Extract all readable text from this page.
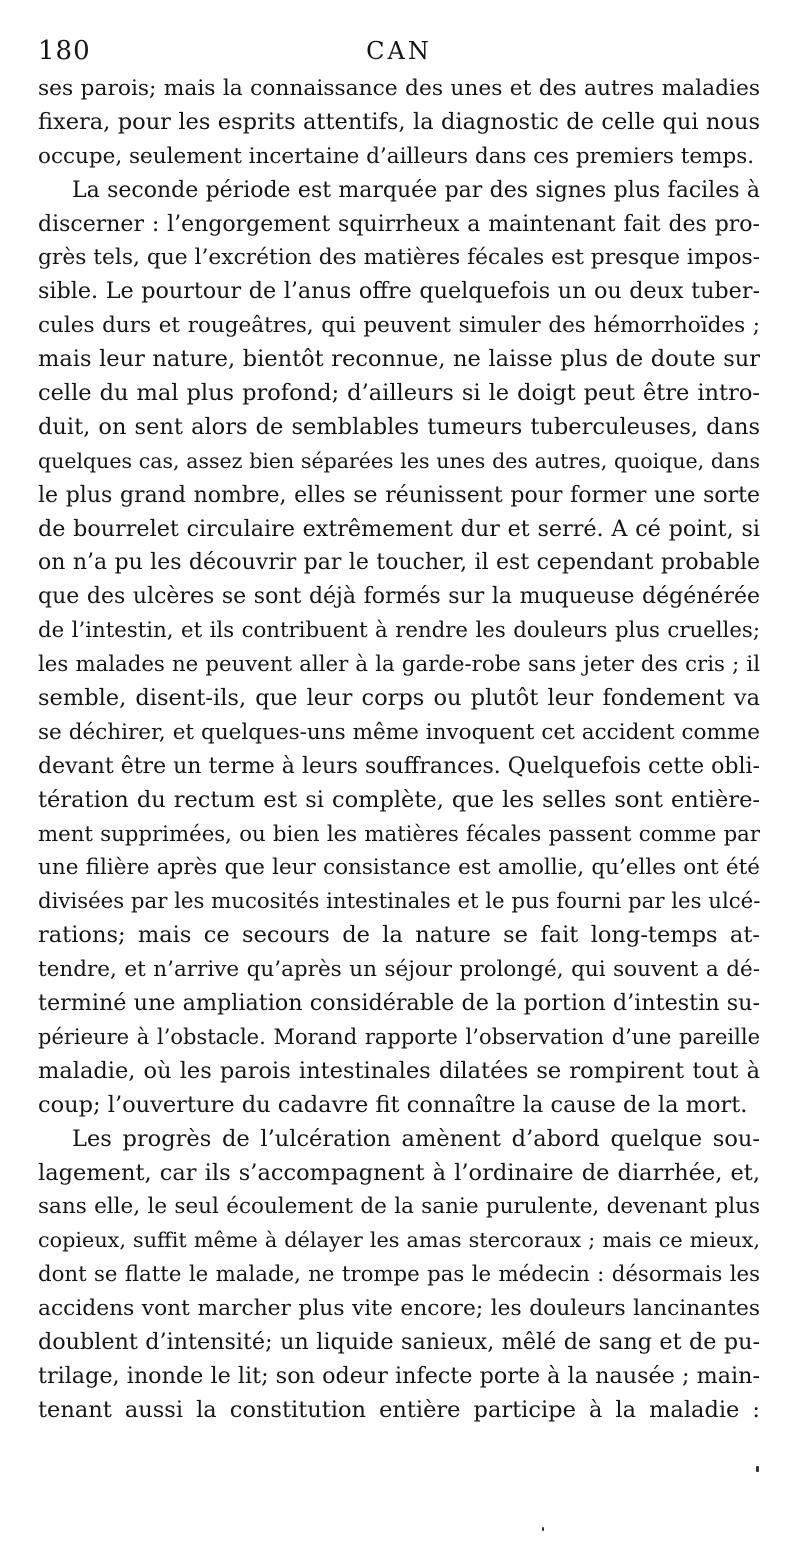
180	CAN
ses parois; mais la connaissance des unes et des autres maladies
fixera, pour les esprits attentifs, la diagnostic de celle qui nous
occupe, seulement incertaine d’ailleurs dans ces premiers temps.
La seconde période est marquée par des signes plus faciles à
discerner : l’engorgement squirrheux a maintenant fait des pro-
grès tels, que l’excrétion des matières fécales est presque impos-
sible. Le pourtour de l’anus offre quelquefois un ou deux tuber-
cules durs et rougeâtres, qui peuvent simuler des hémorrhoïdes ;
mais leur nature, bientôt reconnue, ne laisse plus de doute sur
celle du mal plus profond; d’ailleurs si le doigt peut être intro-
duit, on sent alors de semblables tumeurs tuberculeuses, dans
quelques cas, assez bien séparées les unes des autres, quoique, dans
le plus grand nombre, elles se réunissent pour former une sorte
de bourrelet circulaire extrêmement dur et serré. A cé point, si
on n’a pu les découvrir par le toucher, il est cependant probable
que des ulcères se sont déjà formés sur la muqueuse dégénérée
de l’intestin, et ils contribuent à rendre les douleurs plus cruelles;
les malades ne peuvent aller à la garde-robe sans jeter des cris ; il
semble, disent-ils, que leur corps ou plutôt leur fondement va
se déchirer, et quelques-uns même invoquent cet accident comme
devant être un terme à leurs souffrances. Quelquefois cette obli-
tération du rectum est si complète, que les selles sont entière-
ment supprimées, ou bien les matières fécales passent comme par
une filière après que leur consistance est amollie, qu’elles ont été
divisées par les mucosités intestinales et le pus fourni par les ulcé-
rations; mais ce secours de la nature se fait long-temps at-
tendre, et n’arrive qu’après un séjour prolongé, qui souvent a dé-
terminé une ampliation considérable de la portion d’intestin su-
périeure à l’obstacle. Morand rapporte l’observation d’une pareille
maladie, où les parois intestinales dilatées se rompirent tout à
coup; l’ouverture du cadavre fit connaître la cause de la mort.
Les progrès de l’ulcération amènent d’abord quelque sou-
lagement, car ils s’accompagnent à l’ordinaire de diarrhée, et,
sans elle, le seul écoulement de la sanie purulente, devenant plus
copieux, suffit même à délayer les amas stercoraux ; mais ce mieux,
dont se flatte le malade, ne trompe pas le médecin : désormais les
accidens vont marcher plus vite encore; les douleurs lancinantes
doublent d’intensité; un liquide sanieux, mêlé de sang et de pu-
trilage, inonde le lit; son odeur infecte porte à la nausée ; main-
tenant aussi la constitution entière participe à la maladie :
